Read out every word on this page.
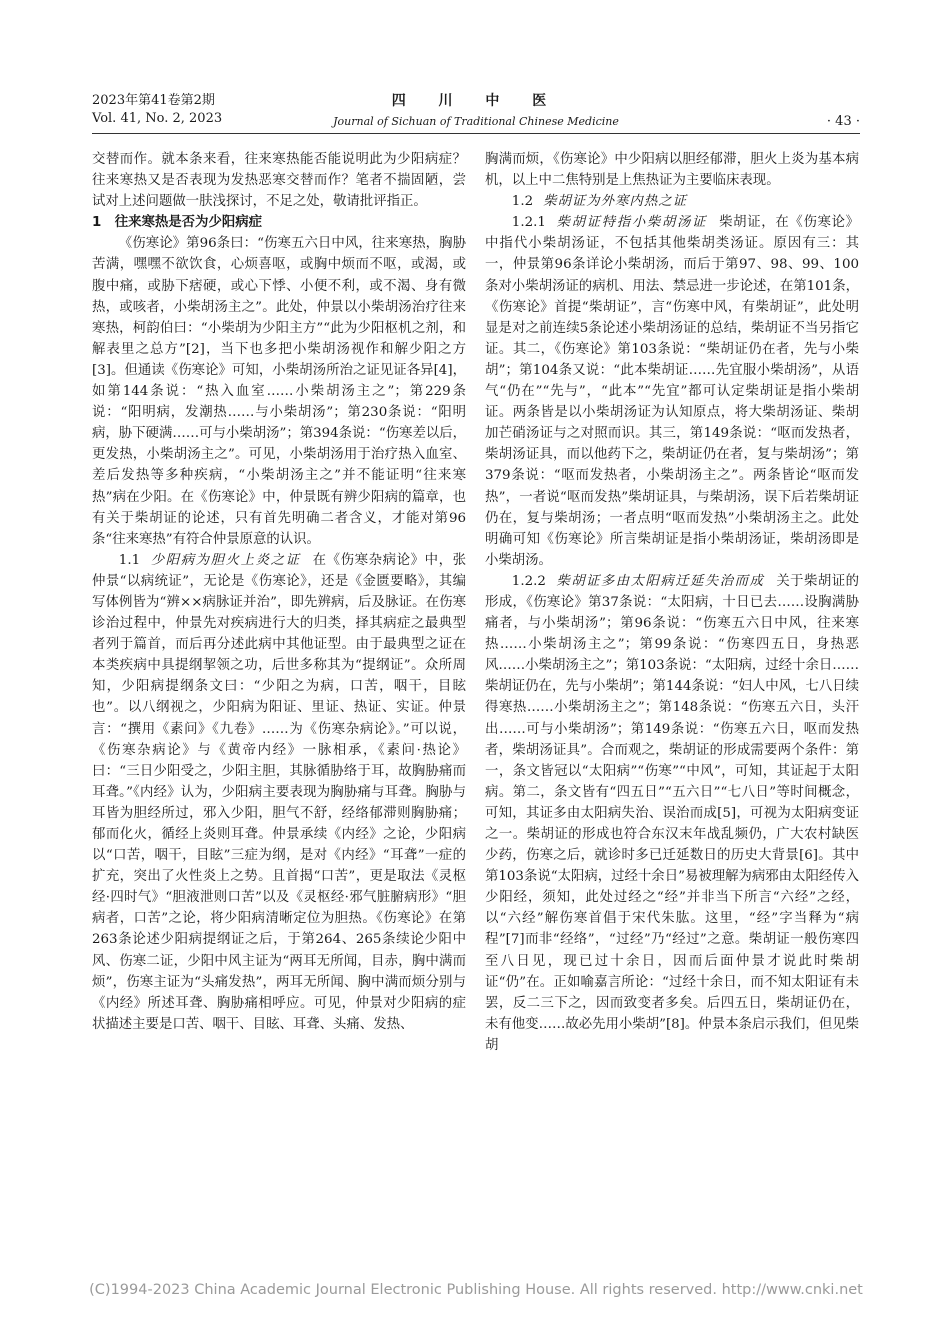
2023年第41卷第2期
Vol. 41, No. 2, 2023
四 川 中 医
Journal of Sichuan of Traditional Chinese Medicine	· 43 ·

交替而作。就本条来看，往来寒热能否能说明此为少阳病症？往来寒热又是否表现为发热恶寒交替而作？笔者不揣固陋，尝试对上述问题做一肤浅探讨，不足之处，敬请批评指正。

1　往来寒热是否为少阳病症

《伤寒论》第96条曰：“伤寒五六日中风，往来寒热，胸胁苦满，嘿嘿不欲饮食，心烦喜呕，或胸中烦而不呕，或渴，或腹中痛，或胁下痞硬，或心下悸、小便不利，或不渴、身有微热，或咳者，小柴胡汤主之”。此处，仲景以小柴胡汤治疗往来寒热，柯韵伯曰：“小柴胡为少阳主方”“此为少阳枢机之剂，和解表里之总方”[2]，当下也多把小柴胡汤视作和解少阳之方[3]。但通读《伤寒论》可知，小柴胡汤所治之证见证各异[4]，如第144条说：“热入血室……小柴胡汤主之”；第229条说：“阳明病，发潮热……与小柴胡汤”；第230条说：“阳明病，胁下硬满……可与小柴胡汤”；第394条说：“伤寒差以后，更发热，小柴胡汤主之”。可见，小柴胡汤用于治疗热入血室、差后发热等多种疾病，“小柴胡汤主之”并不能证明“往来寒热”病在少阳。在《伤寒论》中，仲景既有辨少阳病的篇章，也有关于柴胡证的论述，只有首先明确二者含义，才能对第96条“往来寒热”有符合仲景原意的认识。

1.1 少阳病为胆火上炎之证 在《伤寒杂病论》中，张仲景“以病统证”，无论是《伤寒论》，还是《金匮要略》，其编写体例皆为“辨××病脉证并治”，即先辨病，后及脉证。在伤寒诊治过程中，仲景先对疾病进行大的归类，择其病症之最典型者列于篇首，而后再分述此病中其他证型。由于最典型之证在本类疾病中具提纲挈领之功，后世多称其为“提纲证”。众所周知，少阳病提纲条文曰：“少阳之为病，口苦，咽干，目眩也”。以八纲视之，少阳病为阳证、里证、热证、实证。仲景言：“撰用《素问》《九卷》……为《伤寒杂病论》。”可以说，《伤寒杂病论》与《黄帝内经》一脉相承，《素问·热论》曰：“三日少阳受之，少阳主胆，其脉循胁络于耳，故胸胁痛而耳聋。”《内经》认为，少阳病主要表现为胸胁痛与耳聋。胸胁与耳皆为胆经所过，邪入少阳，胆气不舒，经络郁滞则胸胁痛；郁而化火，循经上炎则耳聋。仲景承续《内经》之论，少阳病以“口苦，咽干，目眩”三症为纲，是对《内经》“耳聋”一症的扩充，突出了火性炎上之势。且首揭“口苦”，更是取法《灵枢经·四时气》“胆液泄则口苦”以及《灵枢经·邪气脏腑病形》“胆病者，口苦”之论，将少阳病清晰定位为胆热。《伤寒论》在第263条论述少阳病提纲证之后，于第264、265条续论少阳中风、伤寒二证，少阳中风主证为“两耳无所闻，目赤，胸中满而烦”，伤寒主证为“头痛发热”，两耳无所闻、胸中满而烦分别与《内经》所述耳聋、胸胁痛相呼应。可见，仲景对少阳病的症状描述主要是口苦、咽干、目眩、耳聋、头痛、发热、

胸满而烦，《伤寒论》中少阳病以胆经郁滞，胆火上炎为基本病机，以上中二焦特别是上焦热证为主要临床表现。

1.2 柴胡证为外寒内热之证

1.2.1 柴胡证特指小柴胡汤证 柴胡证，在《伤寒论》中指代小柴胡汤证，不包括其他柴胡类汤证。原因有三：其一，仲景第96条详论小柴胡汤，而后于第97、98、99、100条对小柴胡汤证的病机、用法、禁忌进一步论述，在第101条，《伤寒论》首提“柴胡证”，言“伤寒中风，有柴胡证”，此处明显是对之前连续5条论述小柴胡汤证的总结，柴胡证不当另指它证。其二，《伤寒论》第103条说：“柴胡证仍在者，先与小柴胡”；第104条又说：“此本柴胡证……先宜服小柴胡汤”，从语气“仍在”“先与”，“此本”“先宜”都可认定柴胡证是指小柴胡证。两条皆是以小柴胡汤证为认知原点，将大柴胡汤证、柴胡加芒硝汤证与之对照而识。其三，第149条说：“呕而发热者，柴胡汤证具，而以他药下之，柴胡证仍在者，复与柴胡汤”；第379条说：“呕而发热者，小柴胡汤主之”。两条皆论“呕而发热”，一者说“呕而发热”柴胡证具，与柴胡汤，误下后若柴胡证仍在，复与柴胡汤；一者点明“呕而发热”小柴胡汤主之。此处明确可知《伤寒论》所言柴胡证是指小柴胡汤证，柴胡汤即是小柴胡汤。

1.2.2 柴胡证多由太阳病迁延失治而成 关于柴胡证的形成，《伤寒论》第37条说：“太阳病，十日已去……设胸满胁痛者，与小柴胡汤”；第96条说：“伤寒五六日中风，往来寒热……小柴胡汤主之”；第99条说：“伤寒四五日，身热恶风……小柴胡汤主之”；第103条说：“太阳病，过经十余日……柴胡证仍在，先与小柴胡”；第144条说：“妇人中风，七八日续得寒热……小柴胡汤主之”；第148条说：“伤寒五六日，头汗出……可与小柴胡汤”；第149条说：“伤寒五六日，呕而发热者，柴胡汤证具”。合而观之，柴胡证的形成需要两个条件：第一，条文皆冠以“太阳病”“伤寒”“中风”，可知，其证起于太阳病。第二，条文皆有“四五日”“五六日”“七八日”等时间概念，可知，其证多由太阳病失治、误治而成[5]，可视为太阳病变证之一。柴胡证的形成也符合东汉末年战乱频仍，广大农村缺医少药，伤寒之后，就诊时多已迁延数日的历史大背景[6]。其中第103条说“太阳病，过经十余日”易被理解为病邪由太阳经传入少阳经，须知，此处过经之“经”并非当下所言“六经”之经，以“六经”解伤寒首倡于宋代朱肱。这里，“经”字当释为“病程”[7]而非“经络”，“过经”乃“经过”之意。柴胡证一般伤寒四至八日见，现已过十余日，因而后面仲景才说此时柴胡证“仍”在。正如喻嘉言所论：“过经十余日，而不知太阳证有未罢，反二三下之，因而致变者多矣。后四五日，柴胡证仍在，未有他变……故必先用小柴胡”[8]。仲景本条启示我们，但见柴胡

(C)1994-2023 China Academic Journal Electronic Publishing House. All rights reserved. http://www.cnki.net
